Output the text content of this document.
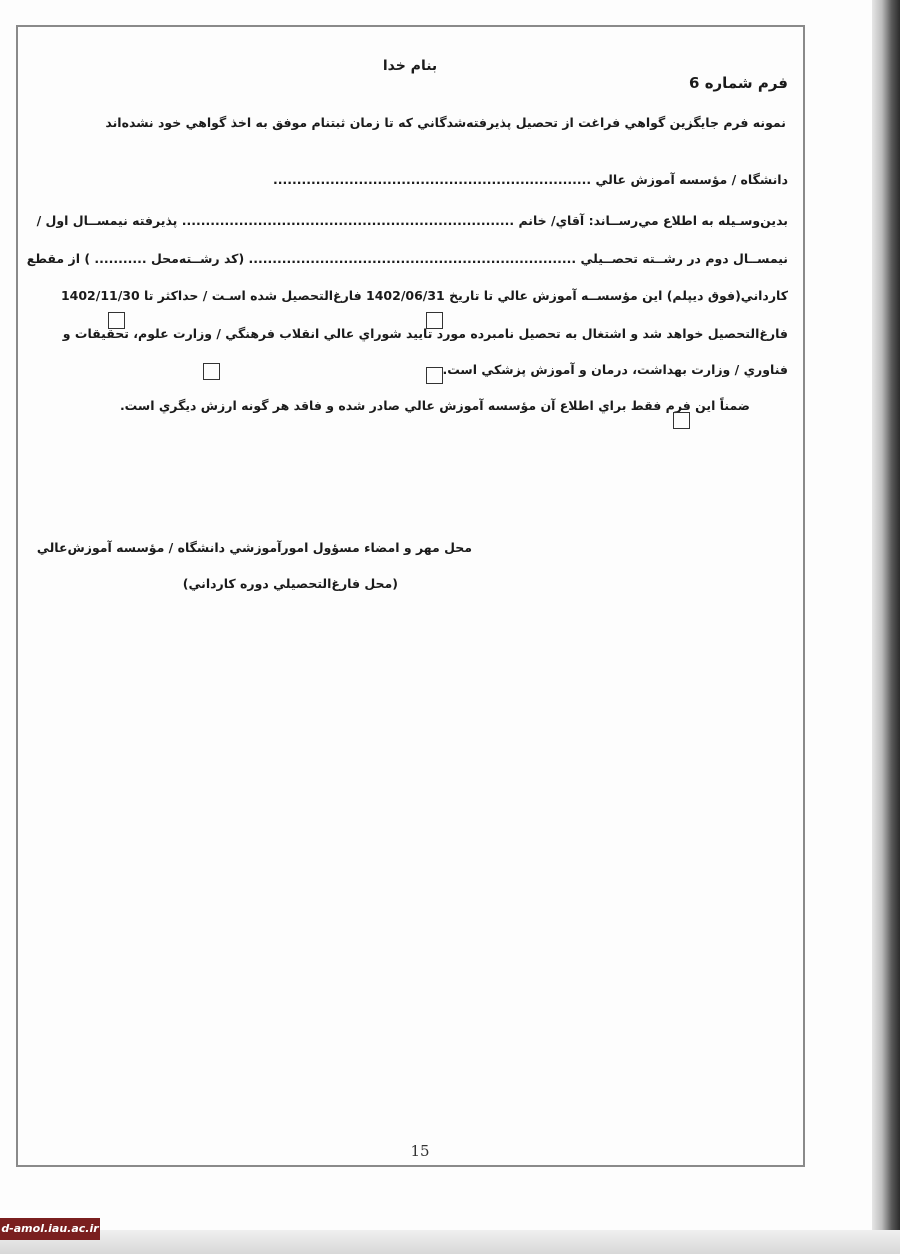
بنام خدا
فرم شماره 6
نمونه فرم جايگزين گواهي فراغت از تحصيل پذيرفته‌شدگاني كه تا زمان ثبتنام موفق به اخذ گواهي خود نشده‌اند
دانشگاه / مؤسسه آموزش عالي ...................................................................
بدين‌وسـيله به اطلاع مي‌رســاند: آقاي/ خانم ...................................................................... پذيرفته نيمســال اول /
نيمســال دوم در رشــته تحصــيلي ..................................................................... (كد رشــته‌محل ........... ) از مقطع
كارداني(فوق ديپلم) اين مؤسســه آموزش عالي تا تاريخ 1402/06/31 فارغ‌التحصيل شده اسـت / حداكثر تا 1402/11/30
فارغ‌التحصيل خواهد شد و اشتغال به تحصيل نامبرده مورد تاييد شوراي عالي انقلاب فرهنگي / وزارت علوم، تحقيقات و
فناوري / وزارت بهداشت، درمان و آموزش پزشكي است.
ضمناً اين فرم فقط براي اطلاع آن مؤسسه آموزش عالي صادر شده و فاقد هر گونه ارزش ديگري است.
محل مهر و امضاء مسؤول امورآموزشي دانشگاه / مؤسسه آموزش‌عالي
(محل فارغ‌التحصيلي دوره كارداني)
15
d-amol.iau.ac.ir
